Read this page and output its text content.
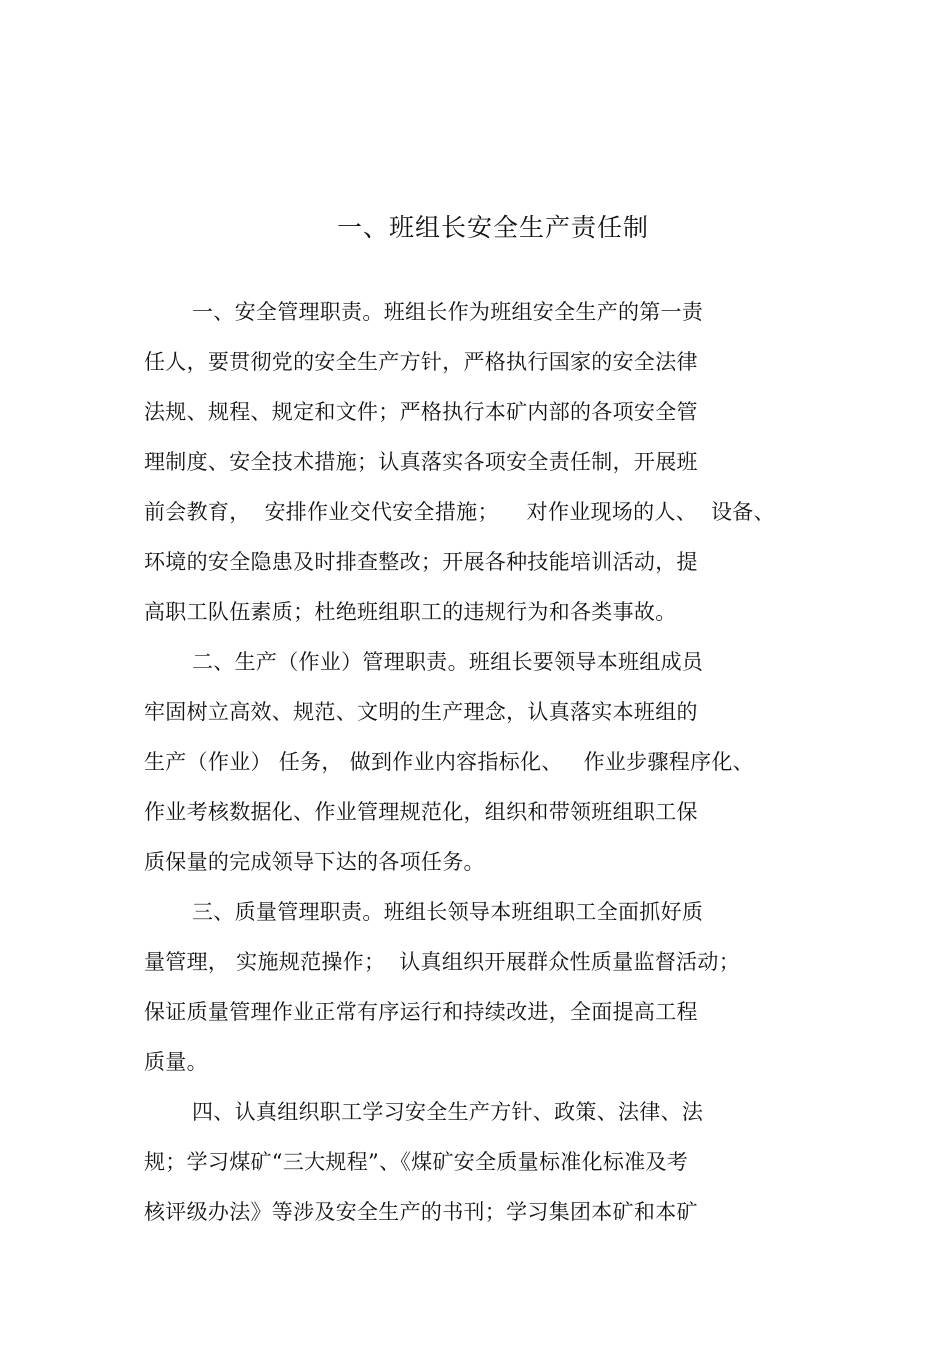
一、班组长安全生产责任制
一、安全管理职责。班组长作为班组安全生产的第一责
任人，要贯彻党的安全生产方针，严格执行国家的安全法律
法规、规程、规定和文件；严格执行本矿内部的各项安全管
理制度、安全技术措施；认真落实各项安全责任制，开展班
前会教育，  安排作业交代安全措施；    对作业现场的人、  设备、
环境的安全隐患及时排查整改；开展各种技能培训活动，提
高职工队伍素质；杜绝班组职工的违规行为和各类事故。
二、生产（作业）管理职责。班组长要领导本班组成员
牢固树立高效、规范、文明的生产理念，认真落实本班组的
生产（作业） 任务， 做到作业内容指标化、   作业步骤程序化、
作业考核数据化、作业管理规范化，组织和带领班组职工保
质保量的完成领导下达的各项任务。
三、质量管理职责。班组长领导本班组职工全面抓好质
量管理， 实施规范操作；  认真组织开展群众性质量监督活动；
保证质量管理作业正常有序运行和持续改进，全面提高工程
质量。
四、认真组织职工学习安全生产方针、政策、法律、法
规；学习煤矿“三大规程”、《煤矿安全质量标准化标准及考
核评级办法》等涉及安全生产的书刊；学习集团本矿和本矿
